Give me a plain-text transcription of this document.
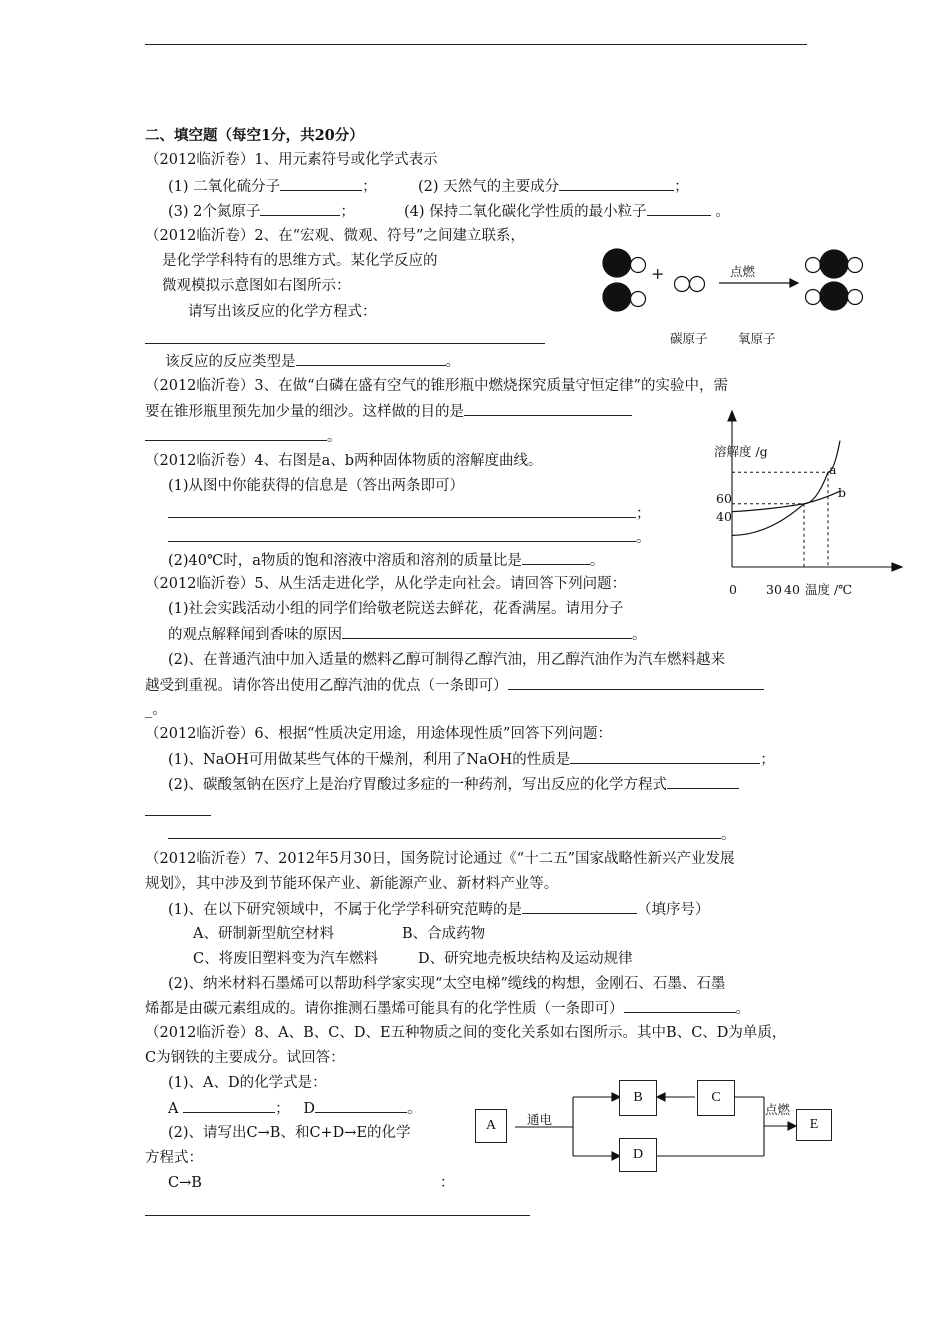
二、填空题（每空1分，共20分）
（2012临沂卷）1、用元素符号或化学式表示
(1) 二氧化硫分子	；	(2) 天然气的主要成分	；
(3) 2个氮原子	；	(4) 保持二氧化碳化学性质的最小粒子	。
（2012临沂卷）2、在“宏观、微观、符号”之间建立联系，
是化学学科特有的思维方式。某化学反应的
微观模拟示意图如右图所示：
请写出该反应的化学方程式：
该反应的反应类型是	。
+	点燃
碳原子 氧原子
（2012临沂卷）3、在做“白磷在盛有空气的锥形瓶中燃烧探究质量守恒定律”的实验中，需
要在锥形瓶里预先加少量的细沙。这样做的目的是
。
（2012临沂卷）4、右图是a、b两种固体物质的溶解度曲线。
(1)从图中你能获得的信息是（答出两条即可）
；
。
(2)40℃时，a物质的饱和溶液中溶质和溶剂的质量比是	。
溶解度 /g
温度 /℃
60
40
0 30 40
a
b
（2012临沂卷）5、从生活走进化学，从化学走向社会。请回答下列问题：
(1)社会实践活动小组的同学们给敬老院送去鲜花，花香满屋。请用分子
的观点解释闻到香味的原因	。
(2)、在普通汽油中加入适量的燃料乙醇可制得乙醇汽油，用乙醇汽油作为汽车燃料越来
越受到重视。请你答出使用乙醇汽油的优点（一条即可）
_。
（2012临沂卷）6、根据“性质决定用途，用途体现性质”回答下列问题：
(1)、NaOH可用做某些气体的干燥剂，利用了NaOH的性质是	；
(2)、碳酸氢钠在医疗上是治疗胃酸过多症的一种药剂，写出反应的化学方程式
。
（2012临沂卷）7、2012年5月30日，国务院讨论通过《“十二五”国家战略性新兴产业发展
规划》，其中涉及到节能环保产业、新能源产业、新材料产业等。
(1)、在以下研究领域中，不属于化学学科研究范畴的是	（填序号）
A、研制新型航空材料	B、合成药物
C、将废旧塑料变为汽车燃料	D、研究地壳板块结构及运动规律
(2)、纳米材料石墨烯可以帮助科学家实现“太空电梯”缆线的构想，金刚石、石墨、石墨
烯都是由碳元素组成的。请你推测石墨烯可能具有的化学性质（一条即可）	。
（2012临沂卷）8、A、B、C、D、E五种物质之间的变化关系如右图所示。其中B、C、D为单质，
C为钢铁的主要成分。试回答：
(1)、A、D的化学式是：
A	； D	。
(2)、请写出C→B、和C+D→E的化学
方程式：
C→B	：
A
B	C
D
E
通电
点燃
